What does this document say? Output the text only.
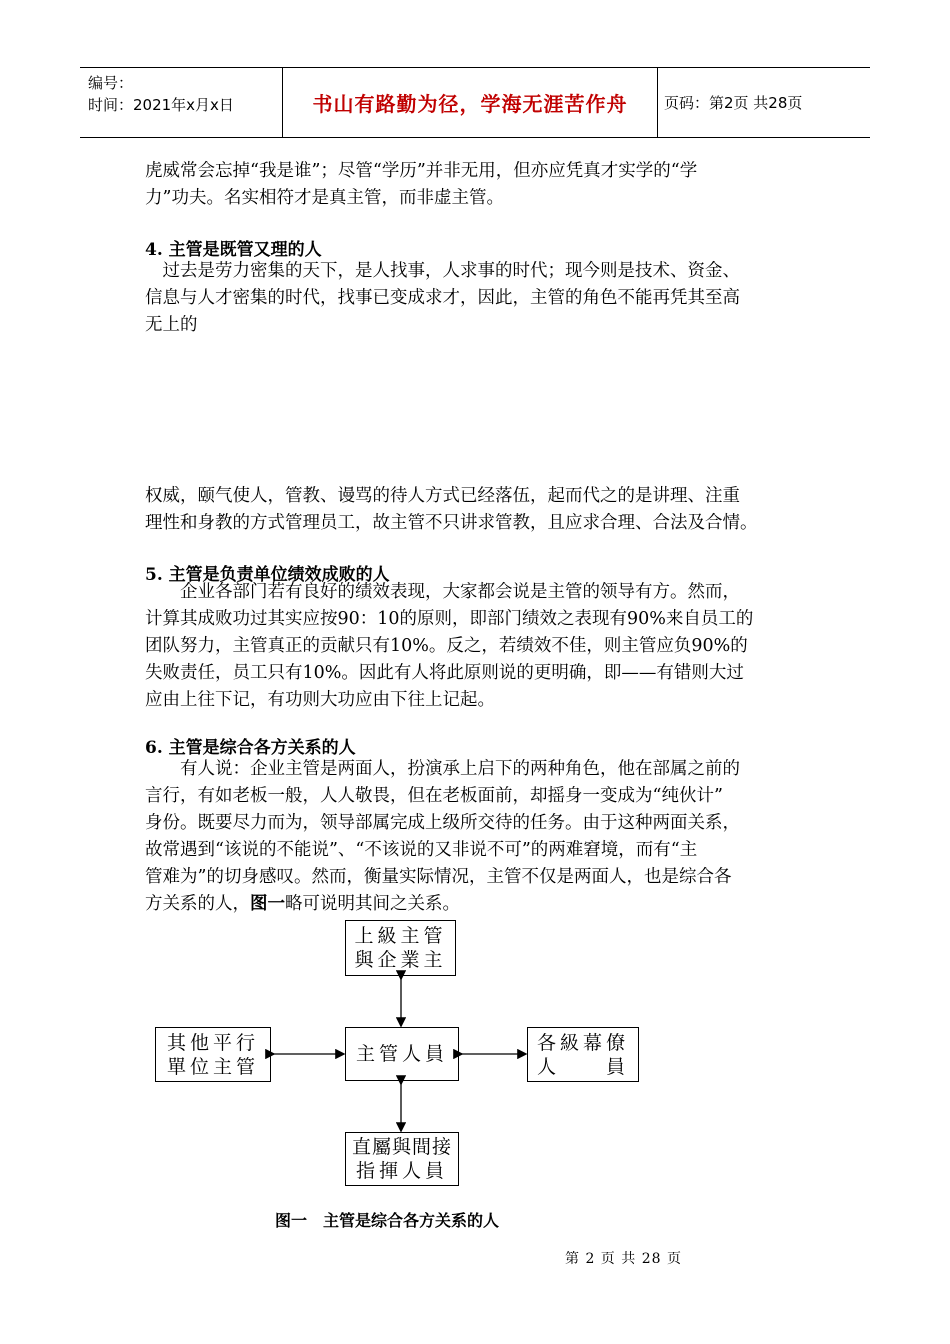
编号：
时间：2021年x月x日	书山有路勤为径，学海无涯苦作舟 页码：第2页 共28页

虎威常会忘掉“我是谁”；尽管“学历”并非无用，但亦应凭真才实学的“学
力”功夫。名实相符才是真主管，而非虚主管。

4. 主管是既管又理的人

　过去是劳力密集的天下，是人找事，人求事的时代；现今则是技术、资金、
信息与人才密集的时代，找事已变成求才，因此，主管的角色不能再凭其至高
无上的

权威，颐气使人，管教、谩骂的待人方式已经落伍，起而代之的是讲理、注重
理性和身教的方式管理员工，故主管不只讲求管教，且应求合理、合法及合情。

5. 主管是负责单位绩效成败的人

　　企业各部门若有良好的绩效表现，大家都会说是主管的领导有方。然而，
计算其成败功过其实应按90：10的原则，即部门绩效之表现有90%来自员工的
团队努力，主管真正的贡献只有10%。反之，若绩效不佳，则主管应负90%的
失败责任，员工只有10%。因此有人将此原则说的更明确，即——有错则大过
应由上往下记，有功则大功应由下往上记起。

6. 主管是综合各方关系的人

　　有人说：企业主管是两面人，扮演承上启下的两种角色，他在部属之前的
言行，有如老板一般，人人敬畏，但在老板面前，却摇身一变成为“纯伙计”
身份。既要尽力而为，领导部属完成上级所交待的任务。由于这种两面关系，
故常遇到“该说的不能说”、“不该说的又非说不可”的两难窘境，而有“主
管难为”的切身感叹。然而，衡量实际情况，主管不仅是两面人，也是综合各
方关系的人，图一略可说明其间之关系。

上級主管
與企業主
其他平行
單位主管
主管人員
各級幕僚
人　　員
直屬與間接
指揮人員
图一　主管是综合各方关系的人
第 2 页 共 28 页
